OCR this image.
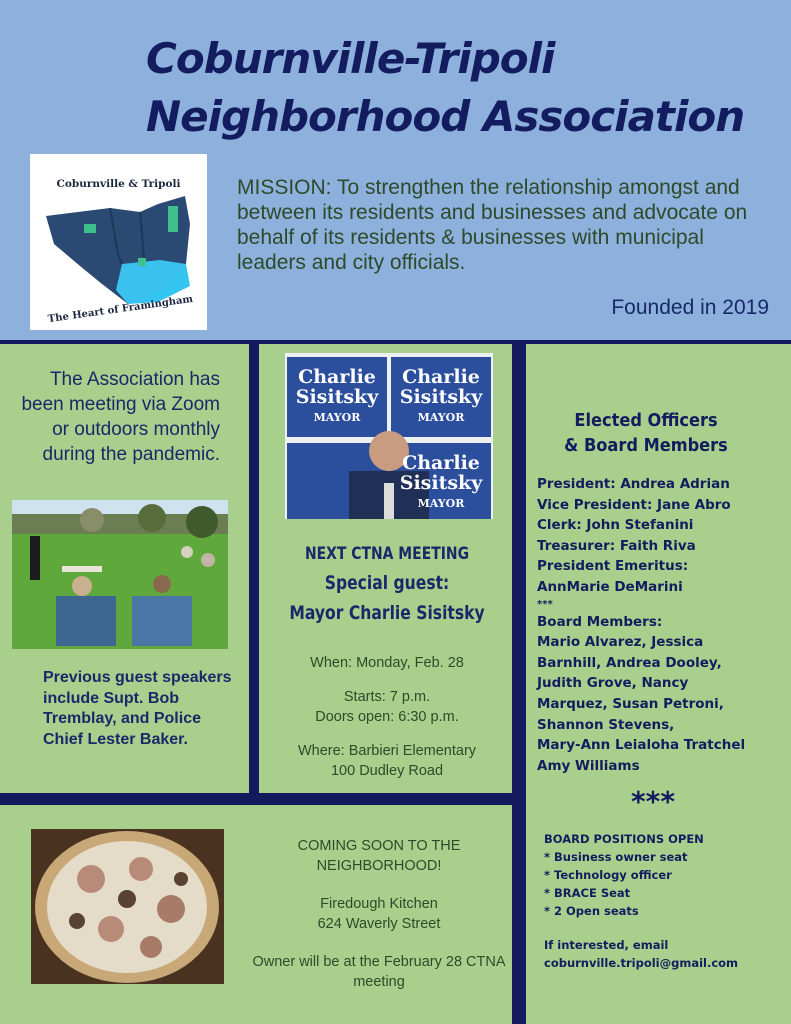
Coburnville-Tripoli
Neighborhood Association
Coburnville & Tripoli
The Heart of Framingham

MISSION: To strengthen the relationship amongst and between its residents and businesses and advocate on behalf of its residents & businesses with municipal leaders and city officials.

Founded in 2019
The Association has been meeting via Zoom or outdoors monthly during the pandemic.
Previous guest speakers include Supt. Bob Tremblay, and Police Chief Lester Baker.
Charlie
Sisitsky
MAYOR
Charlie
Sisitsky
MAYOR
Charlie
Sisitsky
MAYOR
NEXT CTNA MEETING
Special guest:
Mayor Charlie Sisitsky

When: Monday, Feb. 28

Starts: 7 p.m.
Doors open: 6:30 p.m.

Where: Barbieri Elementary
100 Dudley Road

COMING SOON TO THE NEIGHBORHOOD!

Firedough Kitchen
624 Waverly Street

Owner will be at the February 28 CTNA meeting

Elected Officers
& Board Members
President: Andrea Adrian
Vice President: Jane Abro
Clerk: John Stefanini
Treasurer: Faith Riva
President Emeritus:
AnnMarie DeMarini
***
Board Members:
Mario Alvarez, Jessica
Barnhill, Andrea Dooley,
Judith Grove, Nancy
Marquez, Susan Petroni,
Shannon Stevens,
Mary-Ann Leialoha Tratchel
Amy Williams
***
BOARD POSITIONS OPEN
* Business owner seat
* Technology officer
* BRACE Seat
* 2 Open seats
If interested, email
coburnville.tripoli@gmail.com
